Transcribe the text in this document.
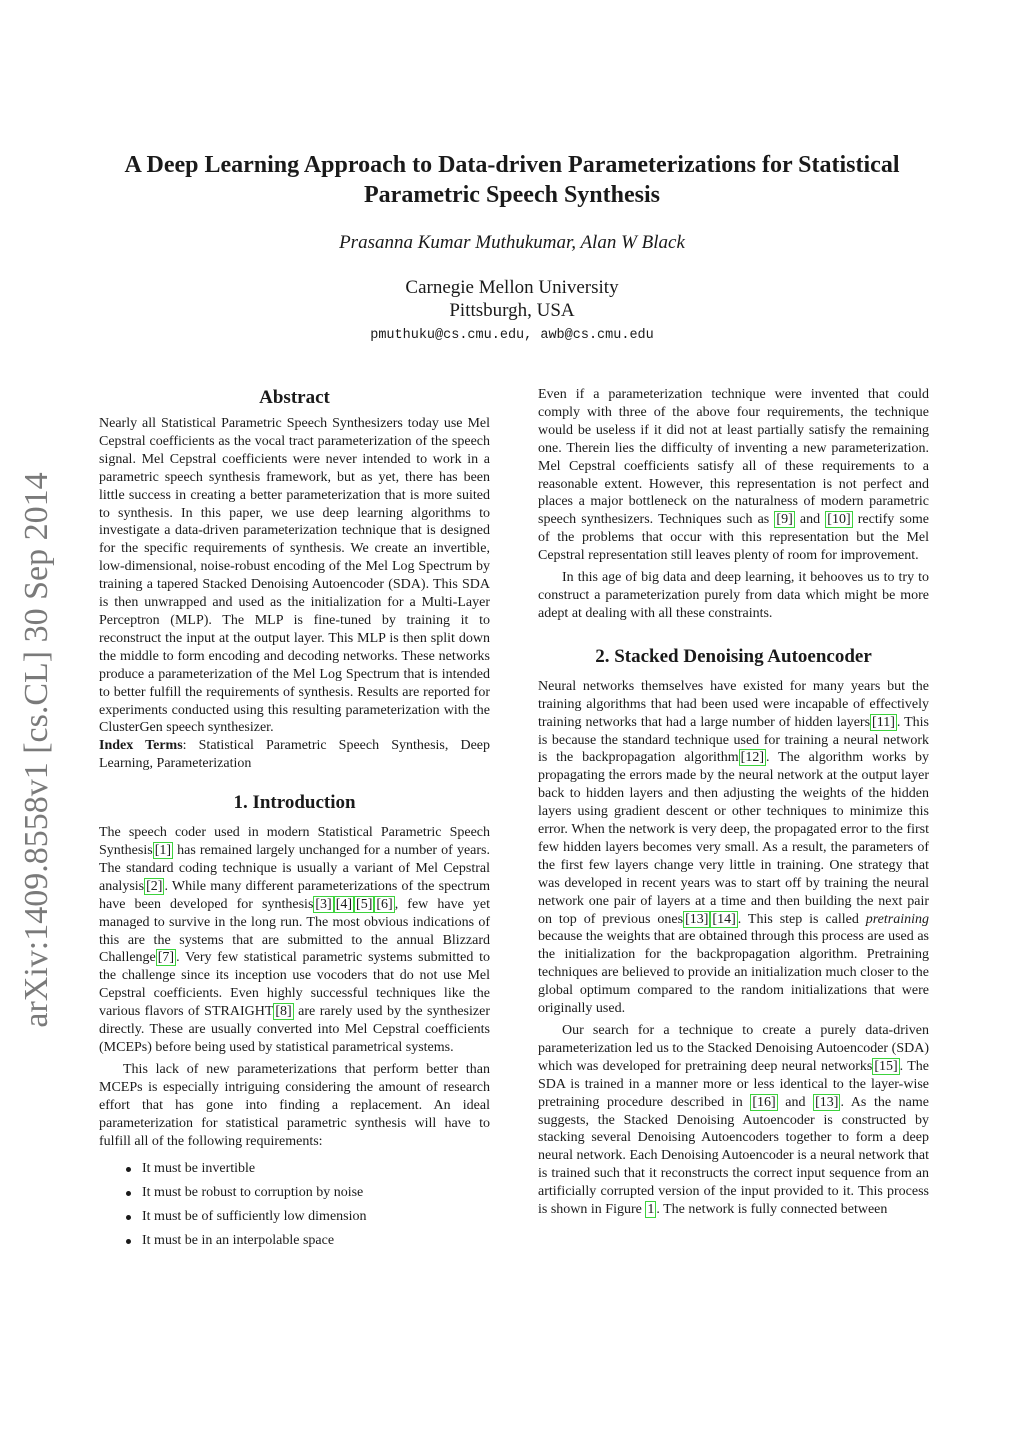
A Deep Learning Approach to Data-driven Parameterizations for Statistical
Parametric Speech Synthesis
Prasanna Kumar Muthukumar, Alan W Black
Carnegie Mellon University
Pittsburgh, USA
pmuthuku@cs.cmu.edu, awb@cs.cmu.edu
arXiv:1409.8558v1 [cs.CL] 30 Sep 2014
Abstract

Nearly all Statistical Parametric Speech Synthesizers today use Mel Cepstral coefficients as the vocal tract parameterization of the speech signal. Mel Cepstral coefficients were never intended to work in a parametric speech synthesis framework, but as yet, there has been little success in creating a better parameterization that is more suited to synthesis. In this paper, we use deep learning algorithms to investigate a data-driven parameterization technique that is designed for the specific requirements of synthesis. We create an invertible, low-dimensional, noise-robust encoding of the Mel Log Spectrum by training a tapered Stacked Denoising Autoencoder (SDA). This SDA is then unwrapped and used as the initialization for a Multi-Layer Perceptron (MLP). The MLP is fine-tuned by training it to reconstruct the input at the output layer. This MLP is then split down the middle to form encoding and decoding networks. These networks produce a parameterization of the Mel Log Spectrum that is intended to better fulfill the requirements of synthesis. Results are reported for experiments conducted using this resulting parameterization with the ClusterGen speech synthesizer.

Index Terms: Statistical Parametric Speech Synthesis, Deep Learning, Parameterization

1. Introduction

The speech coder used in modern Statistical Parametric Speech Synthesis [1] has remained largely unchanged for a number of years. The standard coding technique is usually a variant of Mel Cepstral analysis [2] . While many different parameterizations of the spectrum have been developed for synthesis [3] [4] [5] [6] , few have yet managed to survive in the long run. The most obvious indications of this are the systems that are submitted to the annual Blizzard Challenge [7] . Very few statistical parametric systems submitted to the challenge since its inception use vocoders that do not use Mel Cepstral coefficients. Even highly successful techniques like the various flavors of STRAIGHT [8] are rarely used by the synthesizer directly. These are usually converted into Mel Cepstral coefficients (MCEPs) before being used by statistical parametrical systems.

This lack of new parameterizations that perform better than MCEPs is especially intriguing considering the amount of research effort that has gone into finding a replacement. An ideal parameterization for statistical parametric synthesis will have to fulfill all of the following requirements:

It must be invertible
It must be robust to corruption by noise
It must be of sufficiently low dimension
It must be in an interpolable space

Even if a parameterization technique were invented that could comply with three of the above four requirements, the technique would be useless if it did not at least partially satisfy the remaining one. Therein lies the difficulty of inventing a new parameterization. Mel Cepstral coefficients satisfy all of these requirements to a reasonable extent. However, this representation is not perfect and places a major bottleneck on the naturalness of modern parametric speech synthesizers. Techniques such as [9] and [10] rectify some of the problems that occur with this representation but the Mel Cepstral representation still leaves plenty of room for improvement.

In this age of big data and deep learning, it behooves us to try to construct a parameterization purely from data which might be more adept at dealing with all these constraints.

2. Stacked Denoising Autoencoder

Neural networks themselves have existed for many years but the training algorithms that had been used were incapable of effectively training networks that had a large number of hidden layers [11] . This is because the standard technique used for training a neural network is the backpropagation algorithm [12] . The algorithm works by propagating the errors made by the neural network at the output layer back to hidden layers and then adjusting the weights of the hidden layers using gradient descent or other techniques to minimize this error. When the network is very deep, the propagated error to the first few hidden layers becomes very small. As a result, the parameters of the first few layers change very little in training. One strategy that was developed in recent years was to start off by training the neural network one pair of layers at a time and then building the next pair on top of previous ones [13] [14] . This step is called pretraining because the weights that are obtained through this process are used as the initialization for the backpropagation algorithm. Pretraining techniques are believed to provide an initialization much closer to the global optimum compared to the random initializations that were originally used.

Our search for a technique to create a purely data-driven parameterization led us to the Stacked Denoising Autoencoder (SDA) which was developed for pretraining deep neural networks [15] . The SDA is trained in a manner more or less identical to the layer-wise pretraining procedure described in [16] and [13] . As the name suggests, the Stacked Denoising Autoencoder is constructed by stacking several Denoising Autoencoders together to form a deep neural network. Each Denoising Autoencoder is a neural network that is trained such that it reconstructs the correct input sequence from an artificially corrupted version of the input provided to it. This process is shown in Figure 1 . The network is fully connected between
